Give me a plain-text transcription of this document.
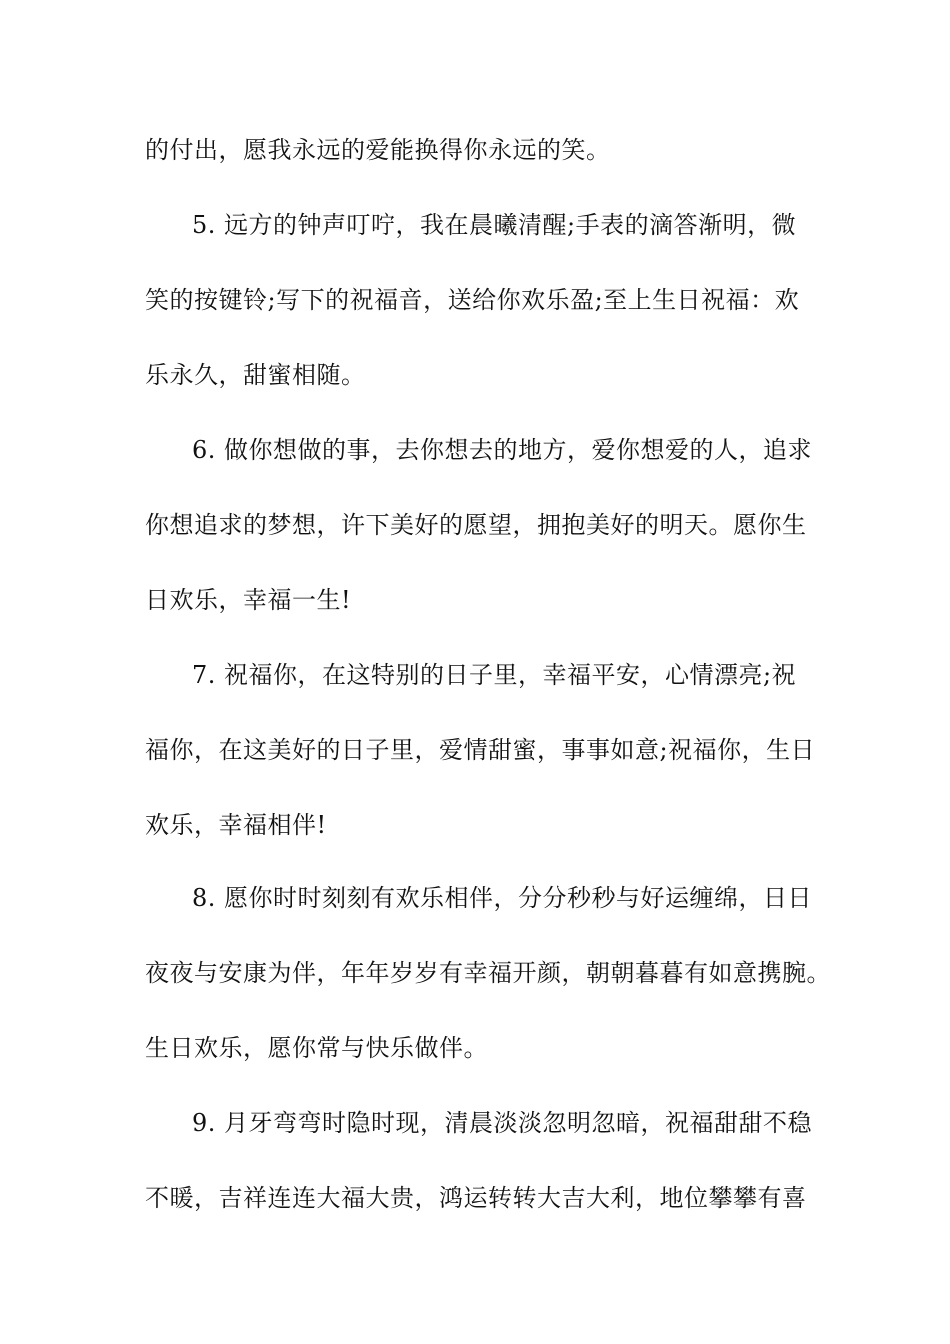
的付出，愿我永远的爱能换得你永远的笑。
5. 远方的钟声叮咛，我在晨曦清醒;手表的滴答渐明，微
笑的按键铃;写下的祝福音，送给你欢乐盈;至上生日祝福：欢
乐永久，甜蜜相随。
6. 做你想做的事，去你想去的地方，爱你想爱的人，追求
你想追求的梦想，许下美好的愿望，拥抱美好的明天。愿你生
日欢乐，幸福一生!
7. 祝福你，在这特别的日子里，幸福平安，心情漂亮;祝
福你，在这美好的日子里，爱情甜蜜，事事如意;祝福你，生日
欢乐，幸福相伴!
8. 愿你时时刻刻有欢乐相伴，分分秒秒与好运缠绵，日日
夜夜与安康为伴，年年岁岁有幸福开颜，朝朝暮暮有如意携腕。
生日欢乐，愿你常与快乐做伴。
9. 月牙弯弯时隐时现，清晨淡淡忽明忽暗，祝福甜甜不稳
不暖，吉祥连连大福大贵，鸿运转转大吉大利，地位攀攀有喜
